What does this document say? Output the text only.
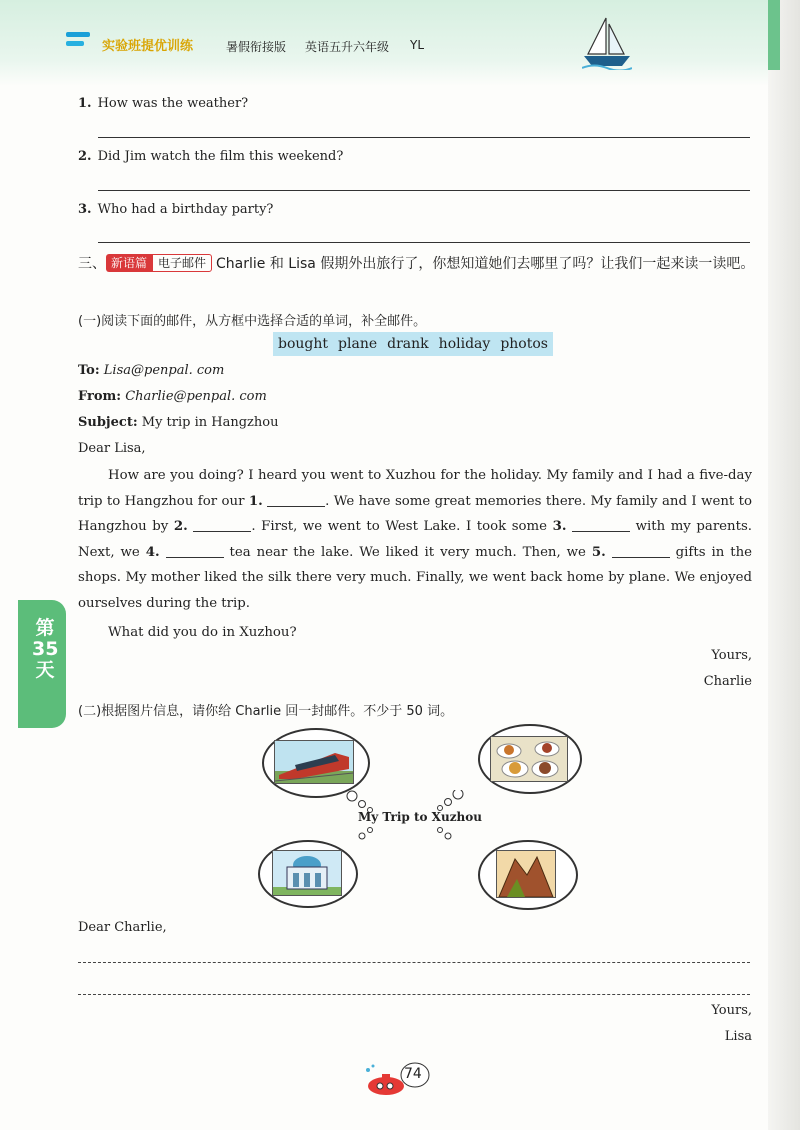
实验班提优训练	暑假衔接版 英语五升六年级 YL
1. How was the weather?
2. Did Jim watch the film this weekend?
3. Who had a birthday party?
三、 新语篇 电子邮件 Charlie 和 Lisa 假期外出旅行了，你想知道她们去哪里了吗？让我们一起来读一读吧。
(一)阅读下面的邮件，从方框中选择合适的单词，补全邮件。
bought plane drank holiday photos
To: Lisa@penpal. com
From: Charlie@penpal. com
Subject: My trip in Hangzhou
Dear Lisa,
How are you doing? I heard you went to Xuzhou for the holiday. My family and I had a five-day trip to Hangzhou for our 1.	. We have some great memories there. My family and I went to Hangzhou by 2.	. First, we went to West Lake. I took some 3.	with my parents. Next, we 4.	tea near the lake. We liked it very much. Then, we 5.	gifts in the shops. My mother liked the silk there very much. Finally, we went back home by plane. We enjoyed ourselves during the trip.
What did you do in Xuzhou?
Yours,
Charlie
第35天
(二)根据图片信息，请你给 Charlie 回一封邮件。不少于 50 词。
My Trip to Xuzhou
Dear Charlie,
Yours,
Lisa
74
